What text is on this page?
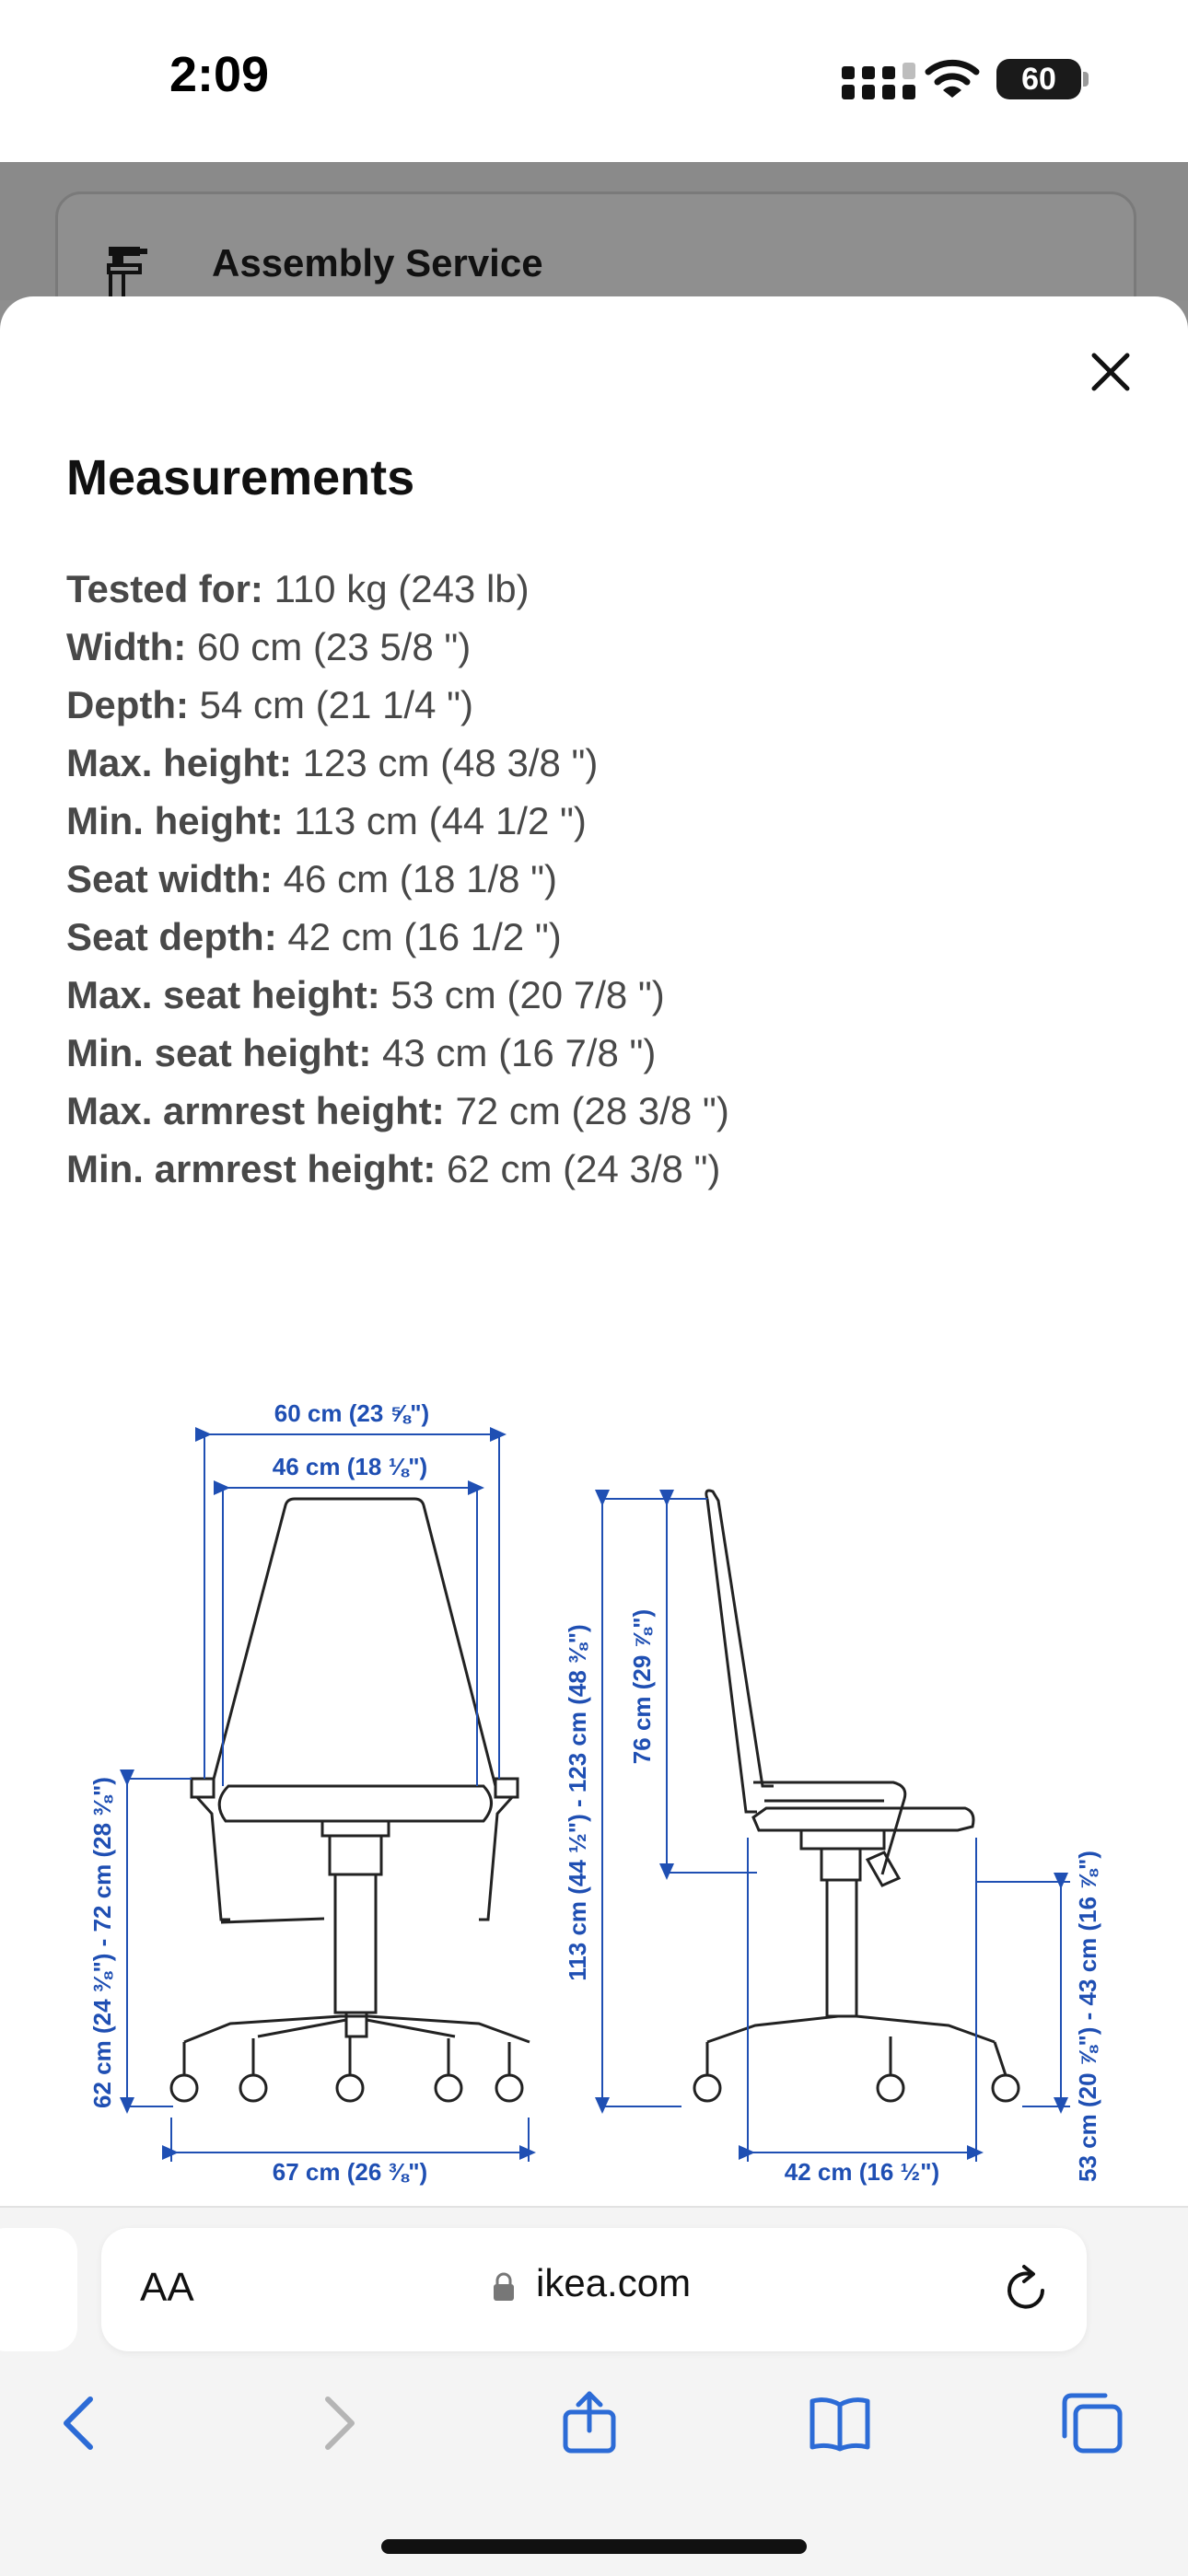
2:09	60
Assembly Service
Measurements
Tested for: 110 kg (243 lb)
Width: 60 cm (23 5/8 ")
Depth: 54 cm (21 1/4 ")
Max. height: 123 cm (48 3/8 ")
Min. height: 113 cm (44 1/2 ")
Seat width: 46 cm (18 1/8 ")
Seat depth: 42 cm (16 1/2 ")
Max. seat height: 53 cm (20 7/8 ")
Min. seat height: 43 cm (16 7/8 ")
Max. armrest height: 72 cm (28 3/8 ")
Min. armrest height: 62 cm (24 3/8 ")
60 cm (23 ⅝")
46 cm (18 ⅛")
62 cm (24 ⅜") - 72 cm (28 ⅜")
67 cm (26 ⅜")
113 cm (44 ½") - 123 cm (48 ⅜") 76 cm (29 ⅞")
42 cm (16 ½")	53 cm (20 ⅞") - 43 cm (16 ⅞")
AA	ikea.com
